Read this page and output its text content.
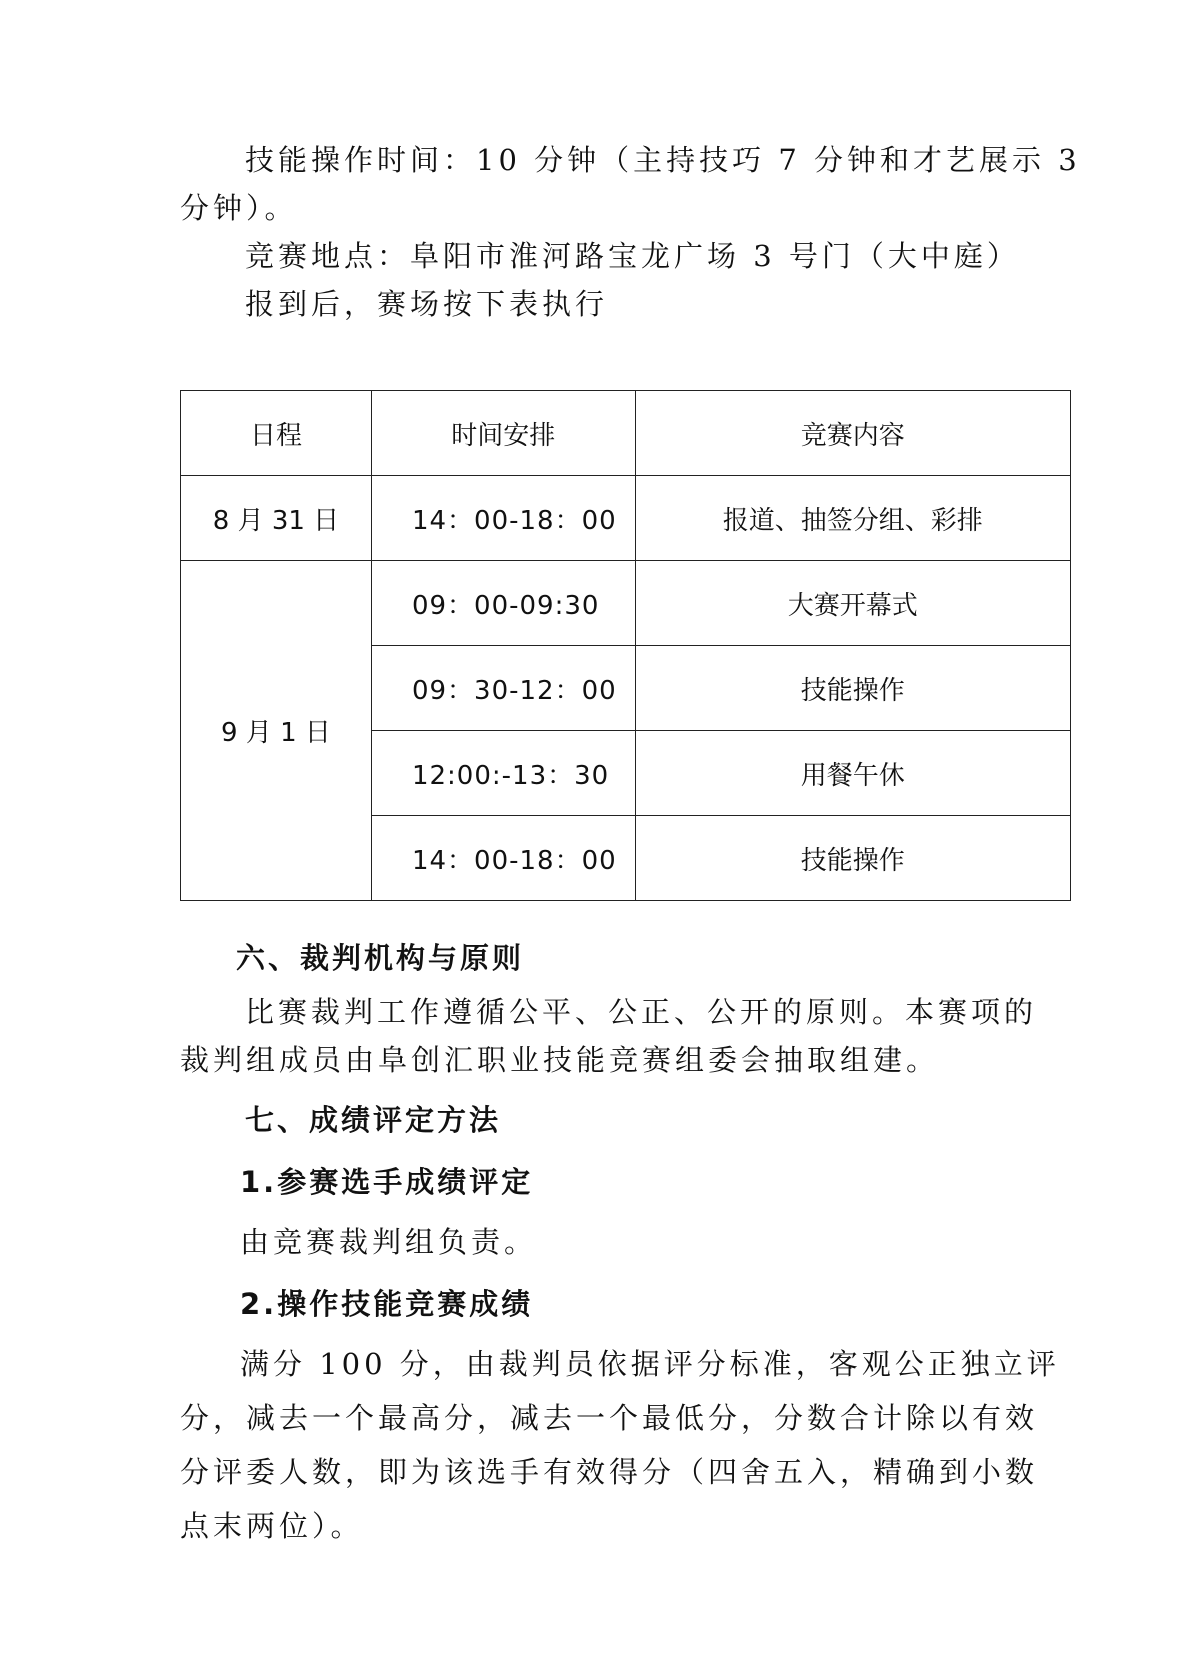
技能操作时间：10 分钟（主持技巧 7 分钟和才艺展示 3
分钟）。
竞赛地点：阜阳市淮河路宝龙广场 3 号门（大中庭）
报到后，赛场按下表执行
日程	时间安排	竞赛内容
8 月 31 日	14：00-18：00	报道、抽签分组、彩排
9 月 1 日	09：00-09:30	大赛开幕式
	09：30-12：00	技能操作
	12:00:-13：30	用餐午休
	14：00-18：00	技能操作
六、裁判机构与原则
比赛裁判工作遵循公平、公正、公开的原则。本赛项的
裁判组成员由阜创汇职业技能竞赛组委会抽取组建。
七、成绩评定方法
1.参赛选手成绩评定
由竞赛裁判组负责。
2.操作技能竞赛成绩
满分 100 分，由裁判员依据评分标准，客观公正独立评
分，减去一个最高分，减去一个最低分，分数合计除以有效
分评委人数，即为该选手有效得分（四舍五入，精确到小数
点末两位）。
